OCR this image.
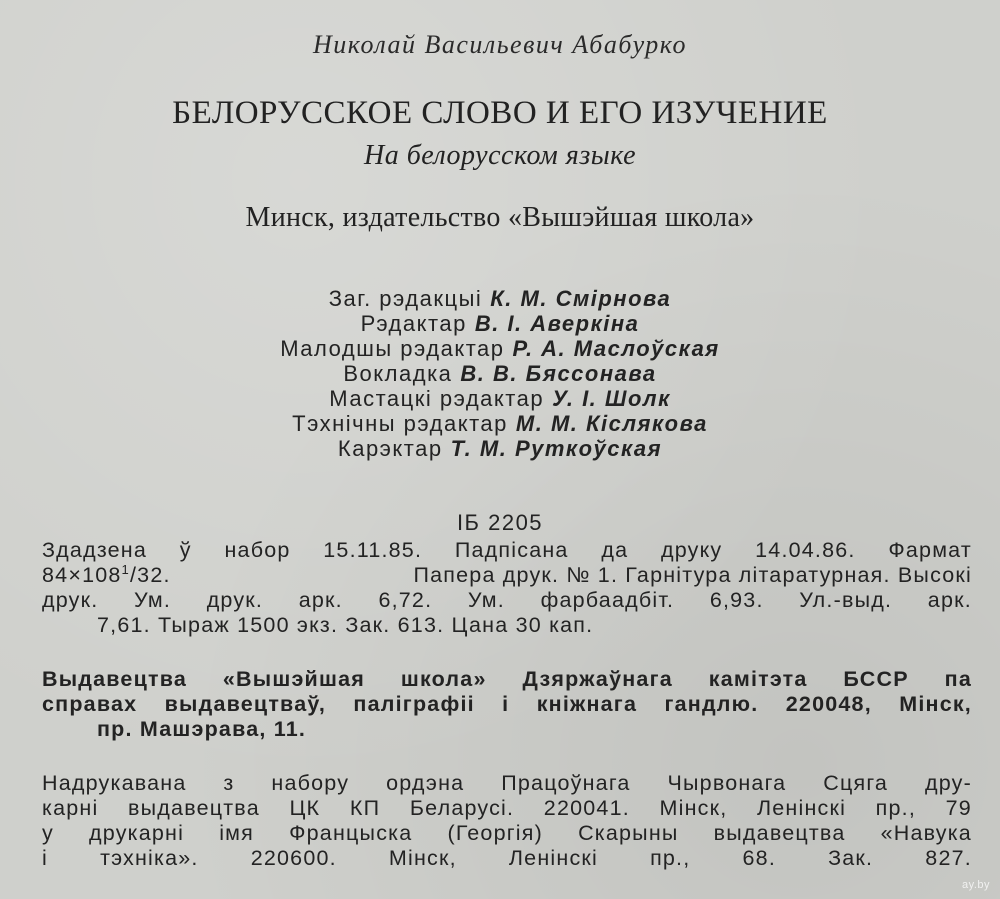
Николай Васильевич Абабурко
БЕЛОРУССКОЕ СЛОВО И ЕГО ИЗУЧЕНИЕ
На белорусском языке
Минск, издательство «Вышэйшая школа»
Заг. рэдакцыі К. М. Смірнова
Рэдактар В. І. Аверкіна
Малодшы рэдактар Р. А. Маслоўская
Вокладка В. В. Бяссонава
Мастацкі рэдактар У. І. Шолк
Тэхнічны рэдактар М. М. Кіслякова
Карэктар Т. М. Руткоўская
ІБ 2205
Здадзена ў набор 15.11.85. Падпісана да друку 14.04.86. Фармат
$84\times 108^1/32$.	Папера друк. № 1. Гарнітура літаратурная. Высокі
друк. Ум. друк. арк. 6,72. Ум. фарбаадбіт. 6,93. Ул.-выд. арк.
7,61. Тыраж 1500 экз. Зак. 613. Цана 30 кап.
Выдавецтва «Вышэйшая школа» Дзяржаўнага камітэта БССР па
справах выдавецтваў, паліграфіі і кніжнага гандлю. 220048, Мінск,
пр. Машэрава, 11.
Надрукавана з набору ордэна Працоўнага Чырвонага Сцяга дру-
карні выдавецтва ЦК КП Беларусі. 220041. Мінск, Ленінскі пр., 79
у друкарні імя Францыска (Георгія) Скарыны выдавецтва «Навука
і тэхніка». 220600. Мінск, Ленінскі пр., 68. Зак. 827.
ay.by
